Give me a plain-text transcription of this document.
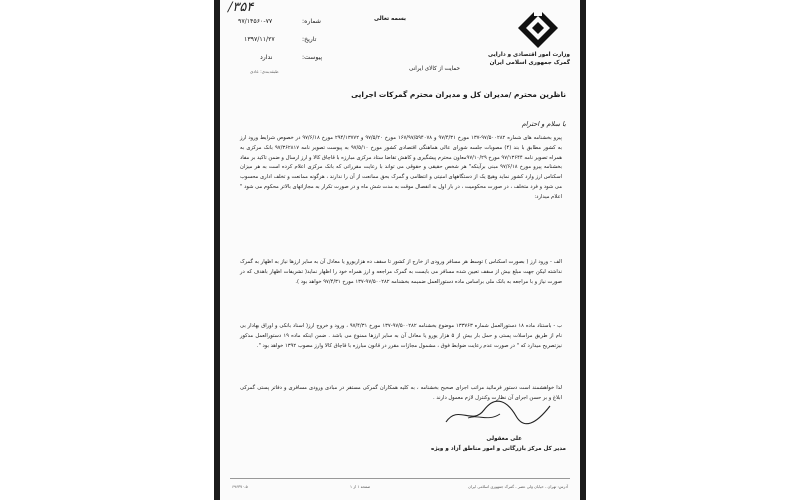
وزارت امور اقتصادی و دارایی
گمرک جمهوری اسلامی ایران
بسمه تعالی
۳۵۴/
شماره:
۹۷/۱۴۵۶۰-۷۷
تاریخ:
۱۳۹۷/۱۱/۲۷
پیوست:
ندارد
طبقه‌بندی: عادی	حمایت از کالای ایرانی
ناظرین محترم /مدیران کل و مدیران محترم گمرکات اجرایی
با سلام و احترام
پیرو بخشنامه های شماره ۹۷/۵۰۰۲۸۲-۱۳۷ مورخ ۹۷/۴/۳۱ و ۱۶۷/۹۷/۵۹۴۰۷۸ مورخ ۹۷/۵/۲۰ و ۲۹۴/۱۳۷۷۲ مورخ ۹۷/۶/۱۸ در خصوص شرایط ورود ارز به کشور مطابق با بند (۴) مصوبات جلسه شورای عالی هماهنگی اقتصادی کشور مورخ ۹۷/۵/۱۰ به پیوست تصویر نامه ۹۷/۳۶۲۸۱۷ بانک مرکزی به همراه تصویر نامه ۹۷/۱۳۶۴۴ مورخ ۹۷/۱۰/۲۹معاون محترم پیشگیری و کاهش تقاضا ستاد مرکزی مبارزه با قاچاق کالا و ارز ارسال و ضمن تاکید بر مفاد بخشنامه پیرو مورخ ۹۷/۶/۱۸ مبنی برآینکه" هر شخص حقیقی و حقوقی می تواند با رعایت مقرراتی که بانک مرکزی اعلام کرده است به هر میزان اسکناس ارز وارد کشور نماید وهیچ یک از دستگاههای امنیتی و انتظامی و گمرک بحق ممانعت از آن را ندارند ، هرگونه ممانعت و تخلف اداری محسوب می شود و فرد متخلف ، در صورت محکومیت ، در بار اول به انفصال موقت به مدت شش ماه و در صورت تکرار به مجازاتهای بالاتر محکوم می شود " اعلام میدارد:
الف - ورود ارز ( بصورت اسکناس ) توسط هر مسافر ورودی از خارج از کشور تا سقف ده هزاریورو یا معادل آن به سایر ارزها نیاز به اظهار به گمرک نداشته لیکن جهت مبلغ بیش از سقف تعیین شده مسافر می بایست به گمرک مراجعه و ارز همراه خود را اظهار نماید( تشریفات اظهار باهدف که در صورت نیاز و با مراجعه به بانک ملی براساس ماده دستورالعمل ضمیمه بخشنامه ۹۷/۵۰۰۲۸۲-۱۳۷ مورخ ۹۷/۴/۳۱ خواهد بود ).
ب - باستناد ماده ۱۸ دستورالعمل شماره ۱۳۳۷۶۳ موضوع بخشنامه ۹۷/۵۰۰۲۸۲-۱۳۷ مورخ ۹۷/۴/۳۱ ، ورود و خروج ارز( اسناد بانکی و اوراق بهادار بی نام از طریق مراسلات پستی و حمل بار بیش از ۵ هزار یورو یا معادل آن به سایر ارزها ممنوع می باشد . ضمن اینکه ماده ۱۹ دستورالعمل مذکور نیزتصریح میدارد که " در صورت عدم رعایت ضوابط فوق ، مشمول مجازات مقرر در قانون مبارزه با قاچاق کالا وارز مصوب ۱۳۹۲ خواهد بود ".
لذا خواهشمند است دستور فرمائید مراتب اجرای صحیح بخشنامه ، به کلیه همکاران گمرکی مستقر در مبادی ورودی مسافری و دفاتر پستی گمرکی ابلاغ و بر حسن اجرای آن نظارت وکنترل لازم معمول دارند .
علی معقولی
مدیر کل مرکز بازرگانی و امور مناطق آزاد و ویژه
آدرس: تهران - خیابان ولی عصر - گمرک جمهوری اسلامی ایران
صفحه ۱ از ۱
۶۹۶۳۷۰-۵
